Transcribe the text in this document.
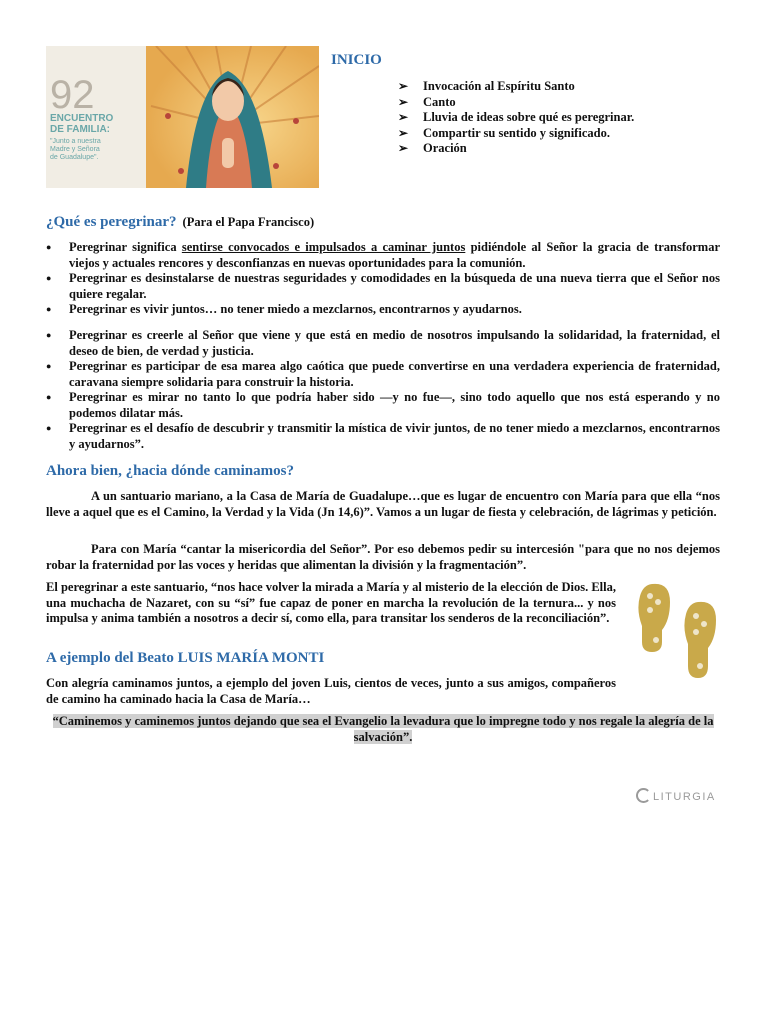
92
ENCUENTRO
DE FAMILIA:
"Junto a nuestra
Madre y Señora
de Guadalupe".
INICIO
➢ Invocación al Espíritu Santo
➢ Canto
➢ Lluvia de ideas sobre qué es peregrinar.
➢ Compartir su sentido y significado.
➢ Oración
¿Qué es peregrinar? (Para el Papa Francisco)
● Peregrinar significa sentirse convocados e impulsados a caminar juntos pidiéndole al Señor la gracia de transformar viejos y actuales rencores y desconfianzas en nuevas oportunidades para la comunión.
● Peregrinar es desinstalarse de nuestras seguridades y comodidades en la búsqueda de una nueva tierra que el Señor nos quiere regalar.
● Peregrinar es vivir juntos… no tener miedo a mezclarnos, encontrarnos y ayudarnos.
● Peregrinar es creerle al Señor que viene y que está en medio de nosotros impulsando la solidaridad, la fraternidad, el deseo de bien, de verdad y justicia.
● Peregrinar es participar de esa marea algo caótica que puede convertirse en una verdadera experiencia de fraternidad, caravana siempre solidaria para construir la historia.
● Peregrinar es mirar no tanto lo que podría haber sido —y no fue—, sino todo aquello que nos está esperando y no podemos dilatar más.
● Peregrinar es el desafío de descubrir y transmitir la mística de vivir juntos, de no tener miedo a mezclarnos, encontrarnos y ayudarnos”.
Ahora bien, ¿hacia dónde caminamos?

A un santuario mariano, a la Casa de María de Guadalupe…que es lugar de encuentro con María para que ella “nos lleve a aquel que es el Camino, la Verdad y la Vida (Jn 14,6)”. Vamos a un lugar de fiesta y celebración, de lágrimas y petición.

Para con María “cantar la misericordia del Señor”. Por eso debemos pedir su intercesión "para que no nos dejemos robar la fraternidad por las voces y heridas que alimentan la división y la fragmentación”.

El peregrinar a este santuario, “nos hace volver la mirada a María y al misterio de la elección de Dios. Ella, una muchacha de Nazaret, con su “sí” fue capaz de poner en marcha la revolución de la ternura... y nos impulsa y anima también a nosotros a decir sí, como ella, para transitar los senderos de la reconciliación”.

A ejemplo del Beato LUIS MARÍA MONTI

Con alegría caminamos juntos, a ejemplo del joven Luis, cientos de veces, junto a sus amigos, compañeros de camino ha caminado hacia la Casa de María…

“Caminemos y caminemos juntos dejando que sea el Evangelio la levadura que lo impregne todo y nos regale la alegría de la salvación”.
LITURGIA
